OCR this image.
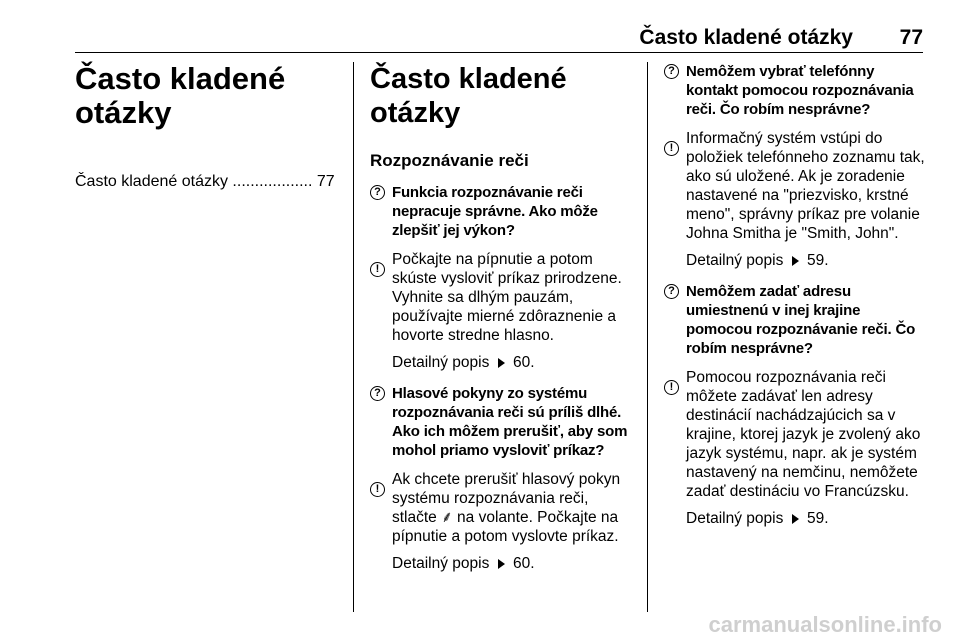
Často kladené otázky 77
Často kladené
otázky
Často kladené otázky .................. 77
Často kladené otázky
Rozpoznávanie reči
? Funkcia rozpoznávanie reči nepracuje správne. Ako môže zlepšiť jej výkon?
!
Počkajte na pípnutie a potom skúste vysloviť príkaz prirodzene. Vyhnite sa dlhým pauzám, používajte mierné zdôraznenie a hovorte stredne hlasno.
Detailný popis 60.
? Hlasové pokyny zo systému rozpoznávania reči sú príliš dlhé. Ako ich môžem prerušiť, aby som mohol priamo vysloviť príkaz?
!
Ak chcete prerušiť hlasový pokyn systému rozpoznávania reči, stlačte ⸙ na volante. Počkajte na pípnutie a potom vyslovte príkaz.
Detailný popis 60.
? Nemôžem vybrať telefónny kontakt pomocou rozpoznávania reči. Čo robím nesprávne?
!
Informačný systém vstúpi do položiek telefónneho zoznamu tak, ako sú uložené. Ak je zoradenie nastavené na "priezvisko, krstné meno", správny príkaz pre volanie Johna Smitha je "Smith, John".
Detailný popis 59.
? Nemôžem zadať adresu umiestnenú v inej krajine pomocou rozpoznávanie reči. Čo robím nesprávne?
!
Pomocou rozpoznávania reči môžete zadávať len adresy destinácií nachádzajúcich sa v krajine, ktorej jazyk je zvolený ako jazyk systému, napr. ak je systém nastavený na nemčinu, nemôžete zadať destináciu vo Francúzsku.
Detailný popis 59.
carmanualsonline.info
